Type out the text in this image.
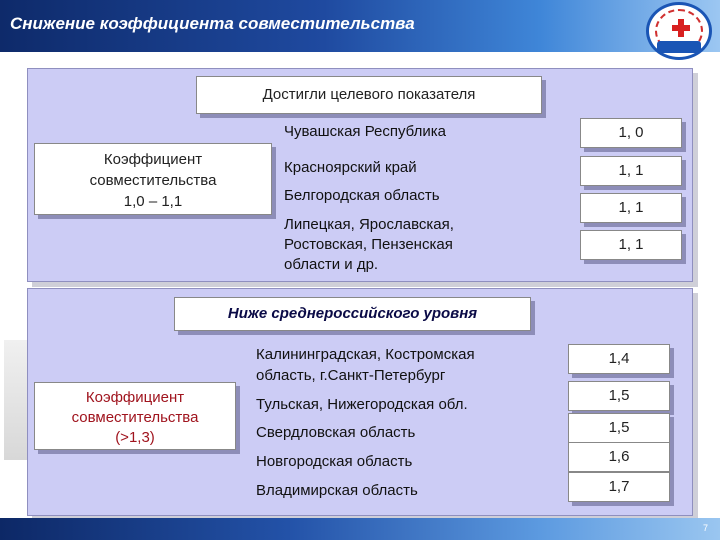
Снижение коэффициента совместительства
Достигли целевого показателя
Коэффициент
совместительства
1,0 – 1,1
Чувашская Республика
Красноярский край
Белгородская область
Липецкая, Ярославская,
Ростовская, Пензенская
области и др.
1, 0
1, 1
1, 1
1, 1
Ниже среднероссийского уровня
Коэффициент
совместительства
(>1,3)
Калининградская, Костромская
область, г.Санкт-Петербург
Тульская, Нижегородская обл.
Свердловская область
Новгородская область
Владимирская область
1,4
1,5
1,5
1,6
1,7
7
